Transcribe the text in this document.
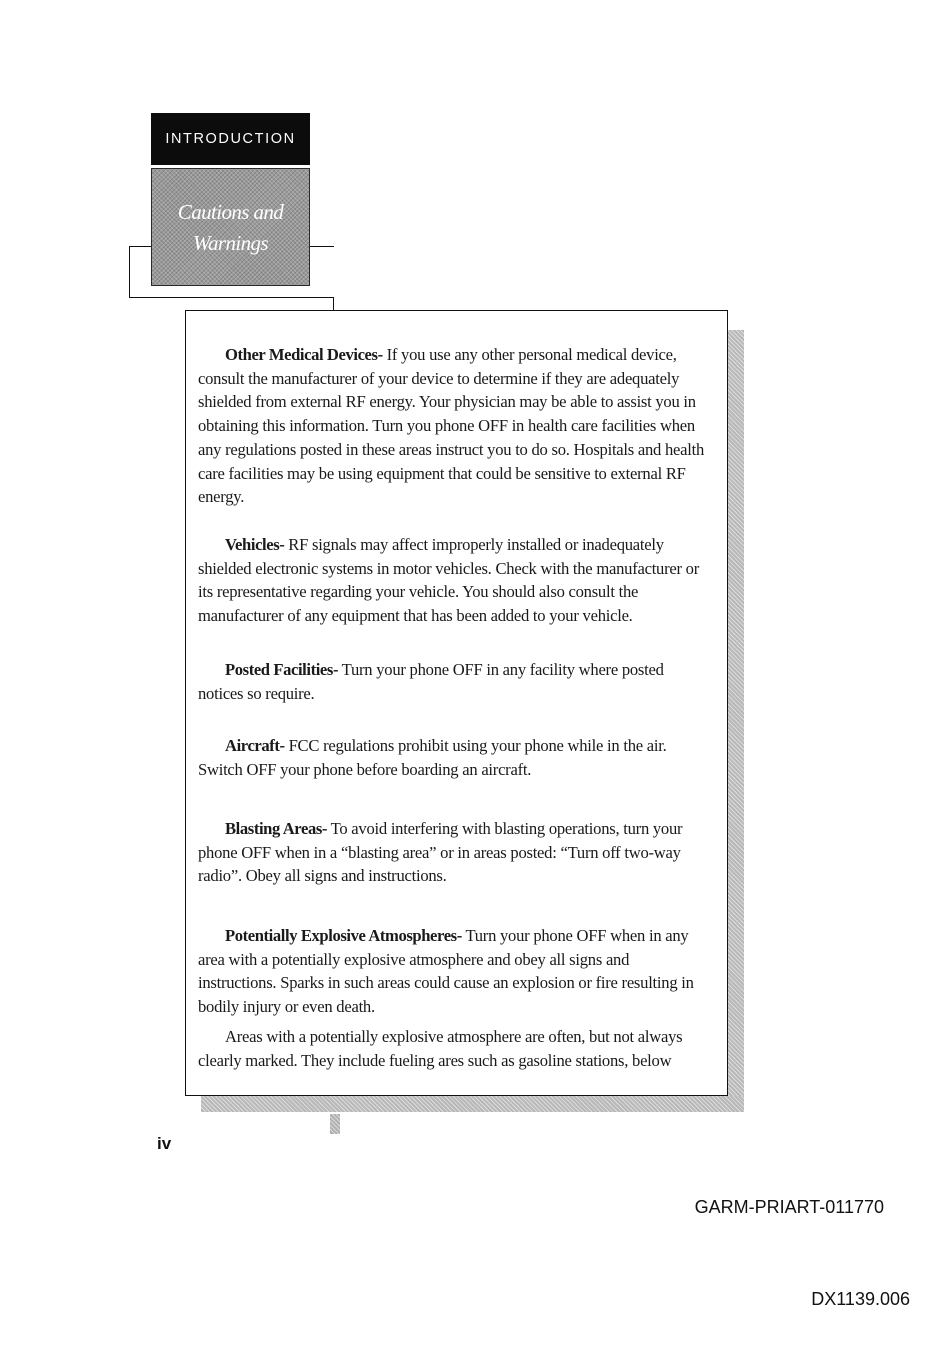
INTRODUCTION
Cautions and
Warnings

Other Medical Devices- If you use any other personal medical device, consult the manufacturer of your device to determine if they are adequately shielded from external RF energy. Your physician may be able to assist you in obtaining this information. Turn you phone OFF in health care facilities when any regulations posted in these areas instruct you to do so. Hospitals and health care facilities may be using equipment that could be sensitive to external RF energy.

Vehicles- RF signals may affect improperly installed or inadequately shielded electronic systems in motor vehicles. Check with the manufacturer or its representative regarding your vehicle. You should also consult the manufacturer of any equipment that has been added to your vehicle.

Posted Facilities- Turn your phone OFF in any facility where posted notices so require.

Aircraft- FCC regulations prohibit using your phone while in the air. Switch OFF your phone before boarding an aircraft.

Blasting Areas- To avoid interfering with blasting operations, turn your phone OFF when in a “blasting area” or in areas posted: “Turn off two-way radio”. Obey all signs and instructions.

Potentially Explosive Atmospheres- Turn your phone OFF when in any area with a potentially explosive atmosphere and obey all signs and instructions. Sparks in such areas could cause an explosion or fire resulting in bodily injury or even death.

Areas with a potentially explosive atmosphere are often, but not always clearly marked. They include fueling ares such as gasoline stations, below

iv
GARM-PRIART-011770
DX1139.006
